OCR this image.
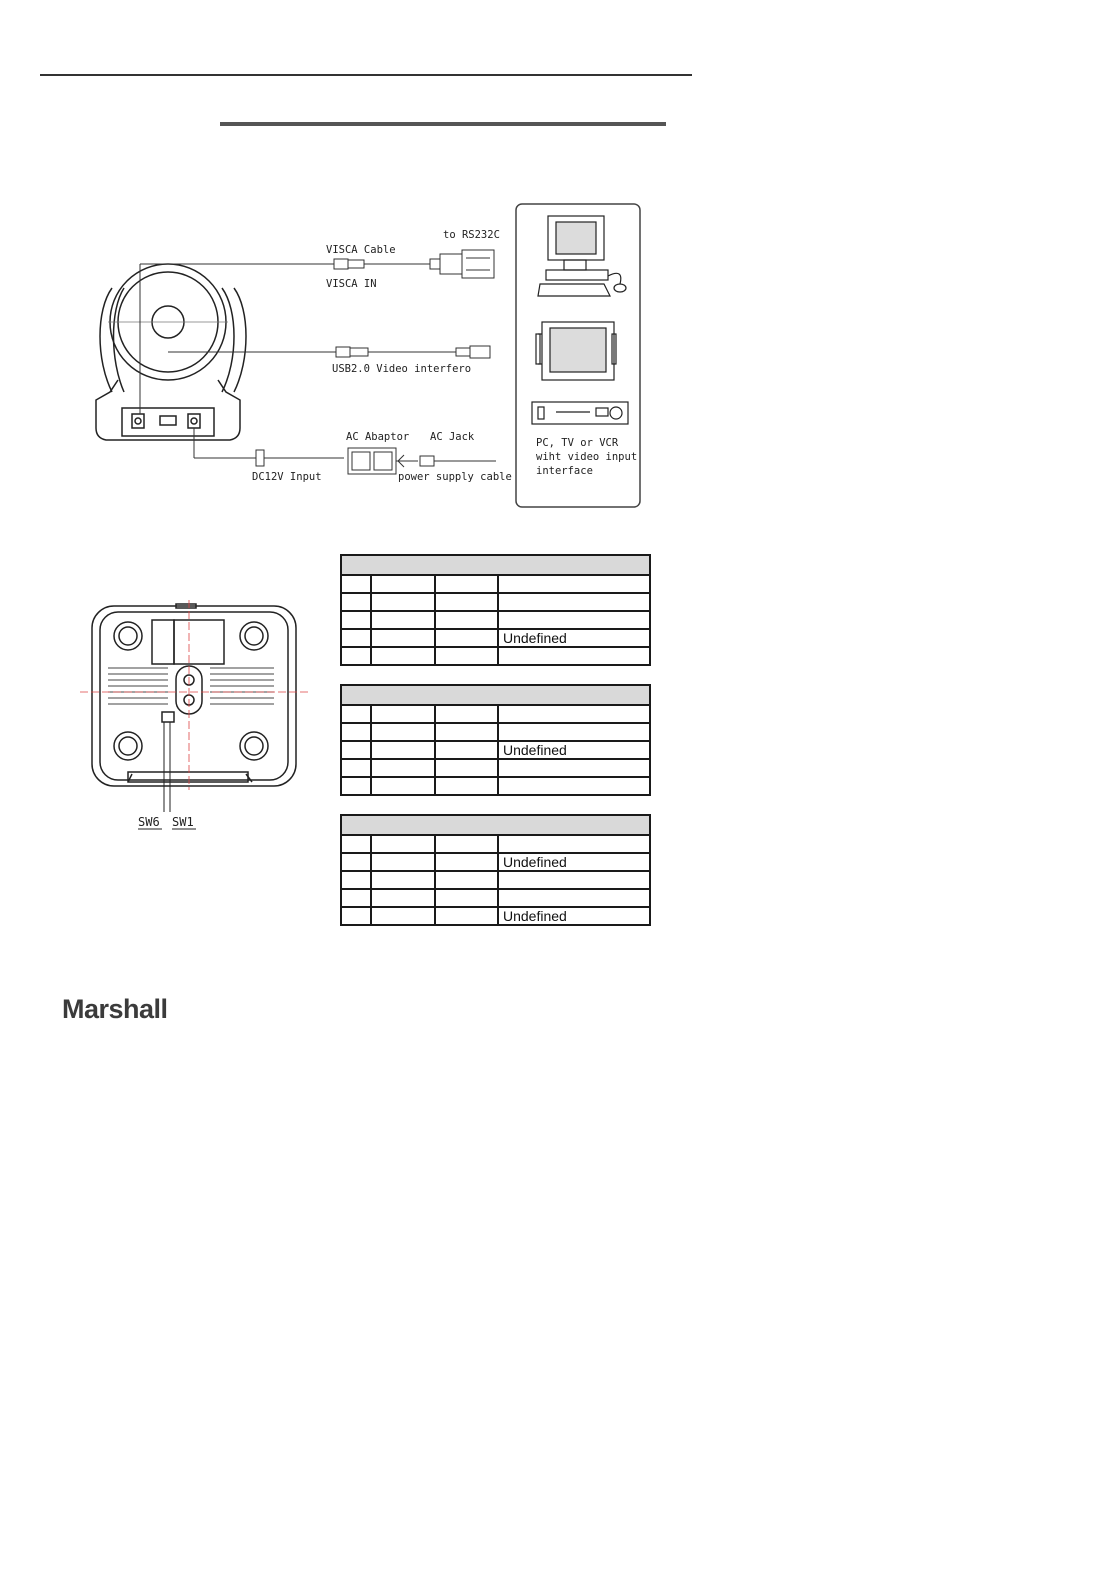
to RS232C
VISCA Cable
VISCA IN
USB2.0 Video interfero
AC Abaptor AC Jack
DC12V Input	power supply cable
PC, TV or VCR
wiht video input
interface
SW6 SW1

			Undefined

			Undefined

			Undefined

			Undefined
Marshall
